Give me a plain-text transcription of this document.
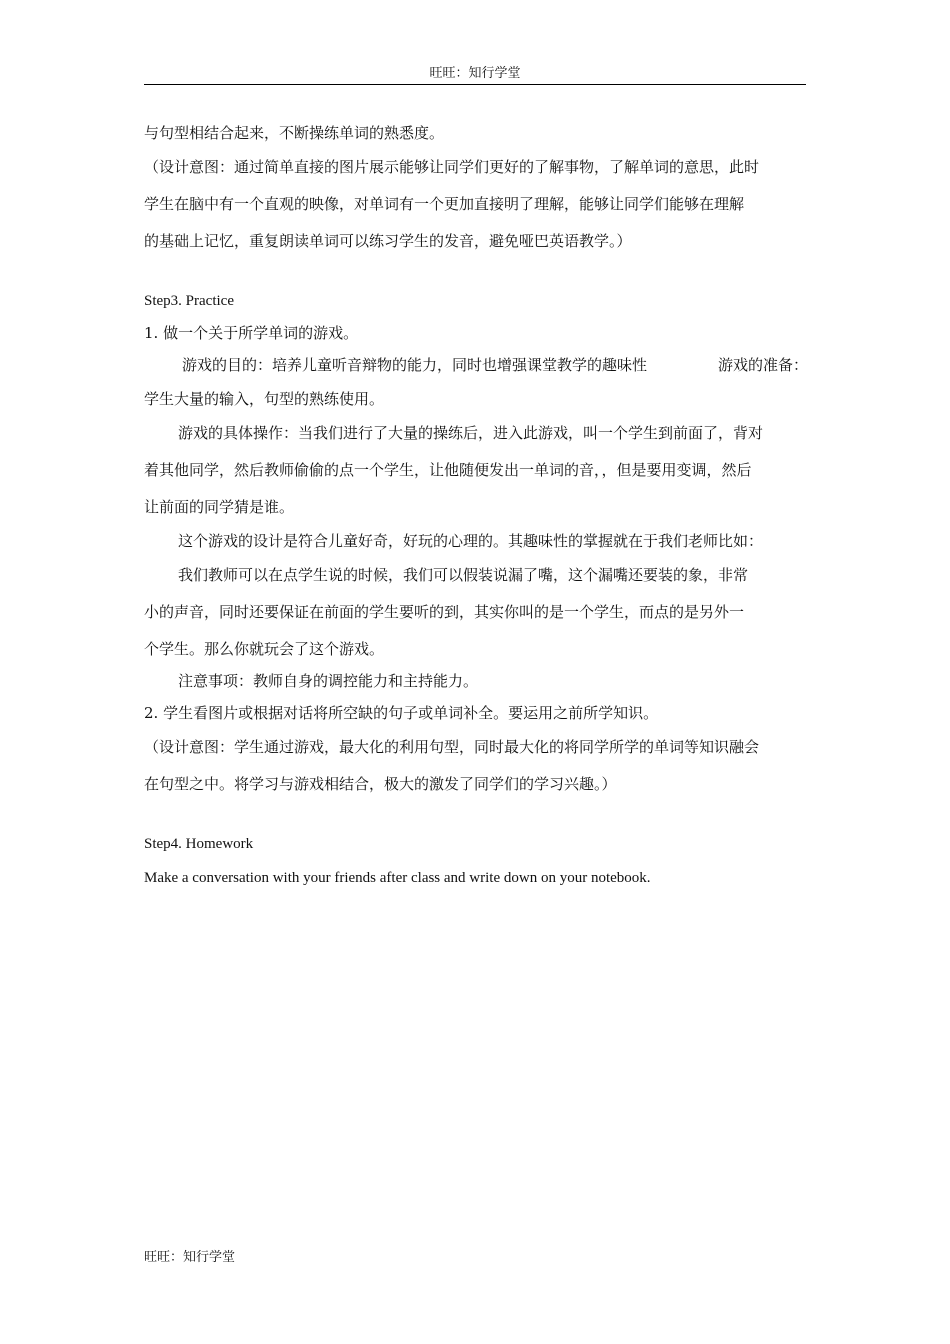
旺旺：知行学堂

与句型相结合起来，不断操练单词的熟悉度。

（设计意图：通过简单直接的图片展示能够让同学们更好的了解事物，了解单词的意思，此时

学生在脑中有一个直观的映像，对单词有一个更加直接明了理解，能够让同学们能够在理解

的基础上记忆，重复朗读单词可以练习学生的发音，避免哑巴英语教学。）

Step3. Practice

1. 做一个关于所学单词的游戏。

游戏的目的：培养儿童听音辩物的能力，同时也增强课堂教学的趣味性	游戏的准备：

学生大量的输入，句型的熟练使用。

游戏的具体操作：当我们进行了大量的操练后，进入此游戏，叫一个学生到前面了，背对

着其他同学，然后教师偷偷的点一个学生，让他随便发出一单词的音，，但是要用变调，然后

让前面的同学猜是谁。

这个游戏的设计是符合儿童好奇，好玩的心理的。其趣味性的掌握就在于我们老师比如：

我们教师可以在点学生说的时候，我们可以假装说漏了嘴，这个漏嘴还要装的象，非常

小的声音，同时还要保证在前面的学生要听的到，其实你叫的是一个学生，而点的是另外一

个学生。那么你就玩会了这个游戏。

注意事项：教师自身的调控能力和主持能力。

2. 学生看图片或根据对话将所空缺的句子或单词补全。要运用之前所学知识。

（设计意图：学生通过游戏，最大化的利用句型，同时最大化的将同学所学的单词等知识融会

在句型之中。将学习与游戏相结合，极大的激发了同学们的学习兴趣。）

Step4. Homework

Make a conversation with your friends after class and write down on your notebook.

旺旺：知行学堂
